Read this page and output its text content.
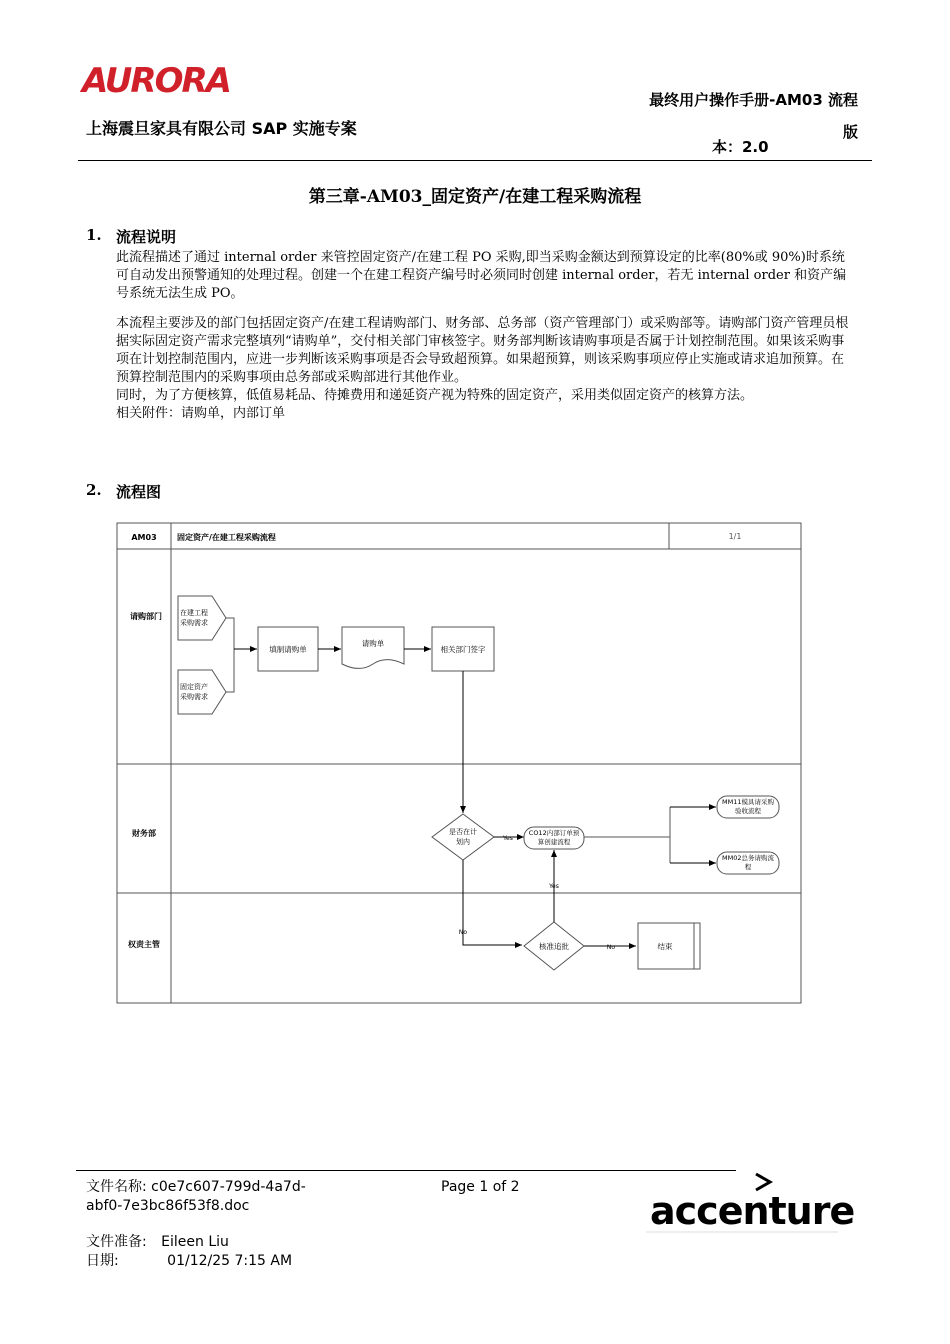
AURORA
上海震旦家具有限公司 SAP 实施专案
最终用户操作手册-AM03 流程
版
本：2.0
第三章-AM03_固定资产/在建工程采购流程
1. 流程说明

此流程描述了通过 internal order 来管控固定资产/在建工程 PO 采购,即当采购金额达到预算设定的比率(80%或 90%)时系统可自动发出预警通知的处理过程。创建一个在建工程资产编号时必须同时创建 internal order，若无 internal order 和资产编号系统无法生成 PO。

本流程主要涉及的部门包括固定资产/在建工程请购部门、财务部、总务部（资产管理部门）或采购部等。请购部门资产管理员根据实际固定资产需求完整填列“请购单”，交付相关部门审核签字。财务部判断该请购事项是否属于计划控制范围。如果该采购事项在计划控制范围内，应进一步判断该采购事项是否会导致超预算。如果超预算，则该采购事项应停止实施或请求追加预算。在预算控制范围内的采购事项由总务部或采购部进行其他作业。

同时，为了方便核算，低值易耗品、待摊费用和递延资产视为特殊的固定资产，采用类似固定资产的核算方法。

相关附件：请购单，内部订单

2. 流程图
AM03	固定资产/在建工程采购流程	1/1
请购部门
财务部
权责主管
在建工程
采购需求
固定资产
采购需求
填制请购单
请购单
相关部门签字
是否在计
划内	Yes
CO12内部订单预
算创建流程
MM11模具请采购
验收流程
MM02总务请购流
程
No
核准追批
Yes
No	结束
文件名称: c0e7c607-799d-4a7d-
abf0-7e3bc86f53f8.doc
Page 1 of 2
文件准备: Eileen Liu
日期:	01/12/25 7:15 AM
accenture
